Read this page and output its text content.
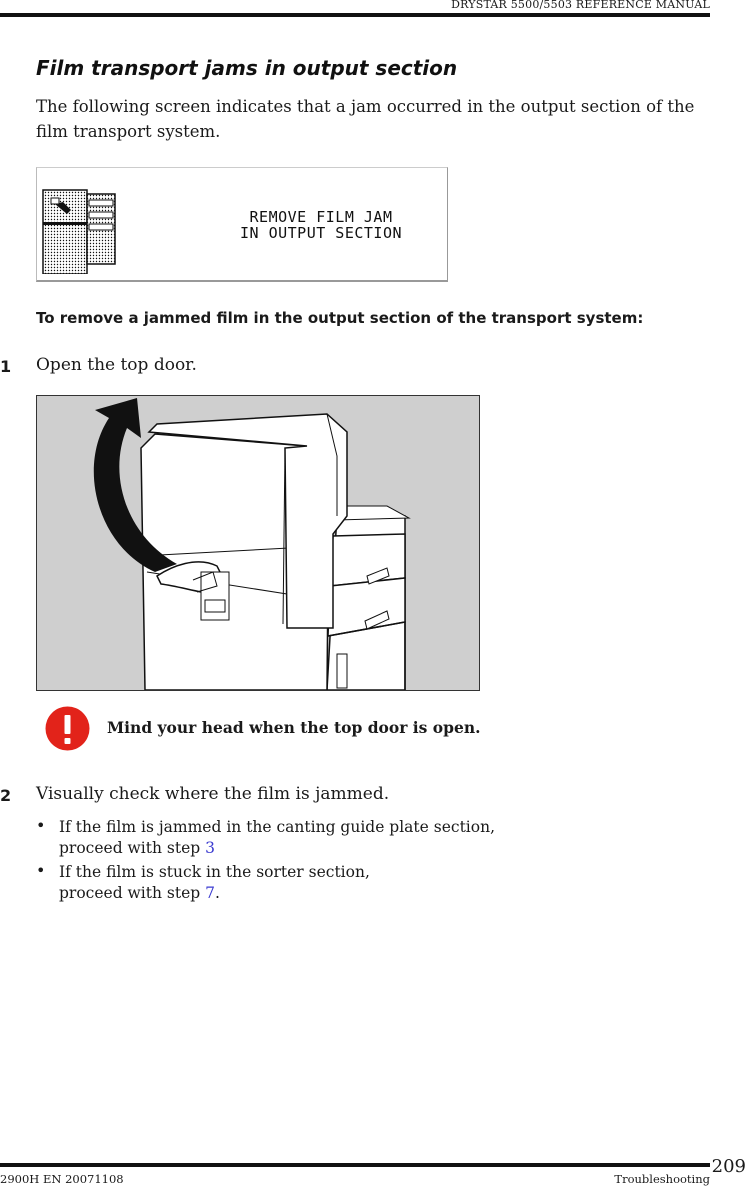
DRYSTAR 5500/5503 REFERENCE MANUAL
Film transport jams in output section

The following screen indicates that a jam occurred in the output section of the film transport system.

REMOVE FILM JAM
IN OUTPUT SECTION

To remove a jammed film in the output section of the transport system:

1 Open the top door.
Mind your head when the top door is open.
2 Visually check where the film is jammed.
• If the film is jammed in the canting guide plate section,
proceed with step 3
• If the film is stuck in the sorter section,
proceed with step 7.
2900H EN 20071108	Troubleshooting
209
